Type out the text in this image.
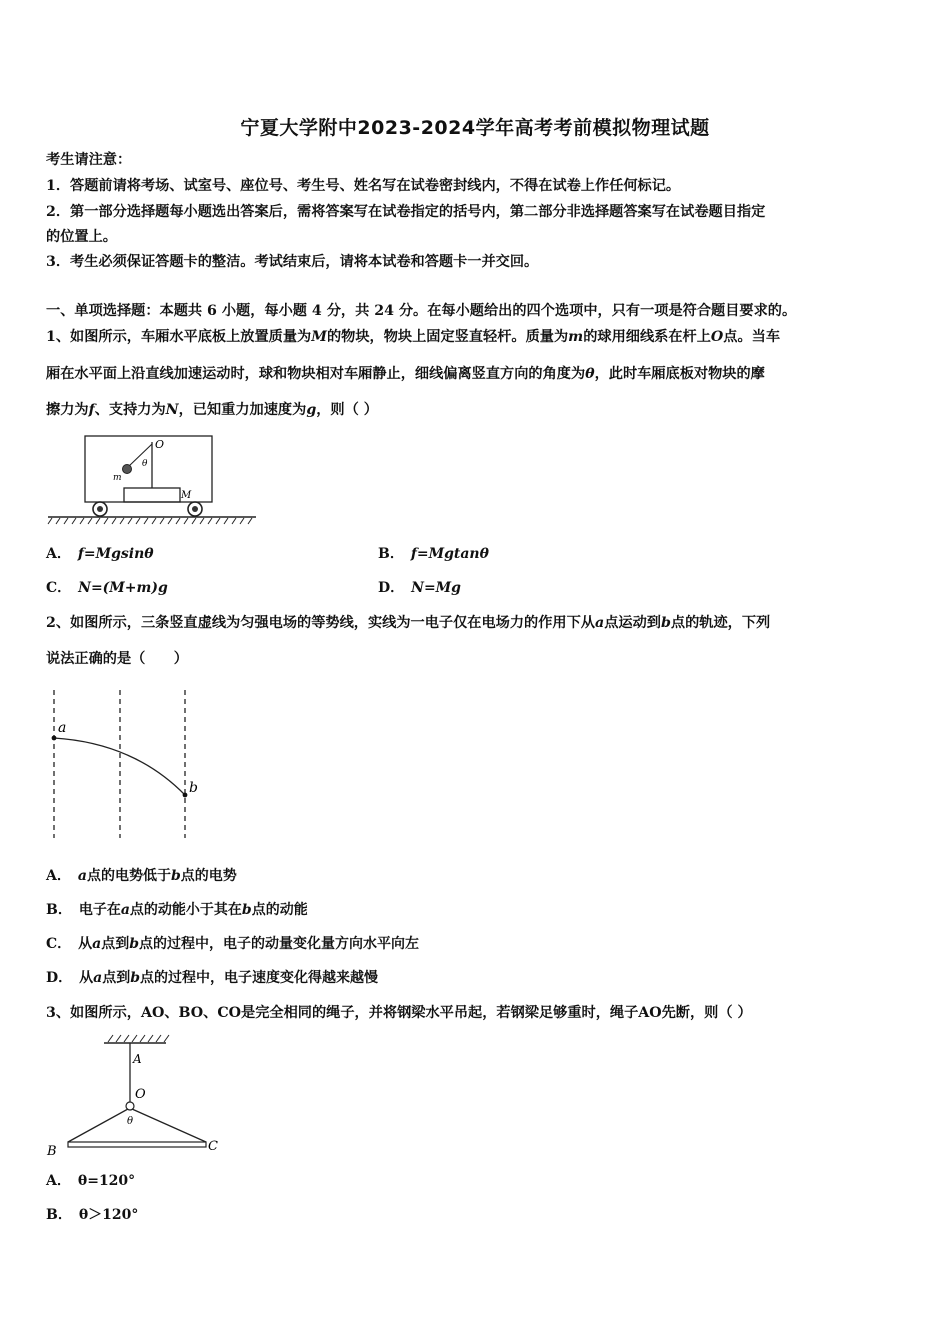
宁夏大学附中2023-2024学年高考考前模拟物理试题
考生请注意：
1．答题前请将考场、试室号、座位号、考生号、姓名写在试卷密封线内，不得在试卷上作任何标记。
2．第一部分选择题每小题选出答案后，需将答案写在试卷指定的括号内，第二部分非选择题答案写在试卷题目指定
的位置上。
3．考生必须保证答题卡的整洁。考试结束后，请将本试卷和答题卡一并交回。
一、单项选择题：本题共 6 小题，每小题 4 分，共 24 分。在每小题给出的四个选项中，只有一项是符合题目要求的。
1、如图所示，车厢水平底板上放置质量为M的物块，物块上固定竖直轻杆。质量为m的球用细线系在杆上O点。当车
厢在水平面上沿直线加速运动时，球和物块相对车厢静止，细线偏离竖直方向的角度为θ，此时车厢底板对物块的摩
擦力为f、支持力为N，已知重力加速度为g，则（ ）
O
θ
m
M
A． f=Mgsinθ	B． f=Mgtanθ
C． N=(M+m)g	D． N=Mg
2、如图所示，三条竖直虚线为匀强电场的等势线，实线为一电子仅在电场力的作用下从a点运动到b点的轨迹，下列
说法正确的是（　　）
a
b
A． a点的电势低于b点的电势
B． 电子在a点的动能小于其在b点的动能
C． 从a点到b点的过程中，电子的动量变化量方向水平向左
D． 从a点到b点的过程中，电子速度变化得越来越慢
3、如图所示，AO、BO、CO是完全相同的绳子，并将钢梁水平吊起，若钢梁足够重时，绳子AO先断，则（ ）
A
O
θ
B	C
A． θ=120°
B． θ＞120°
